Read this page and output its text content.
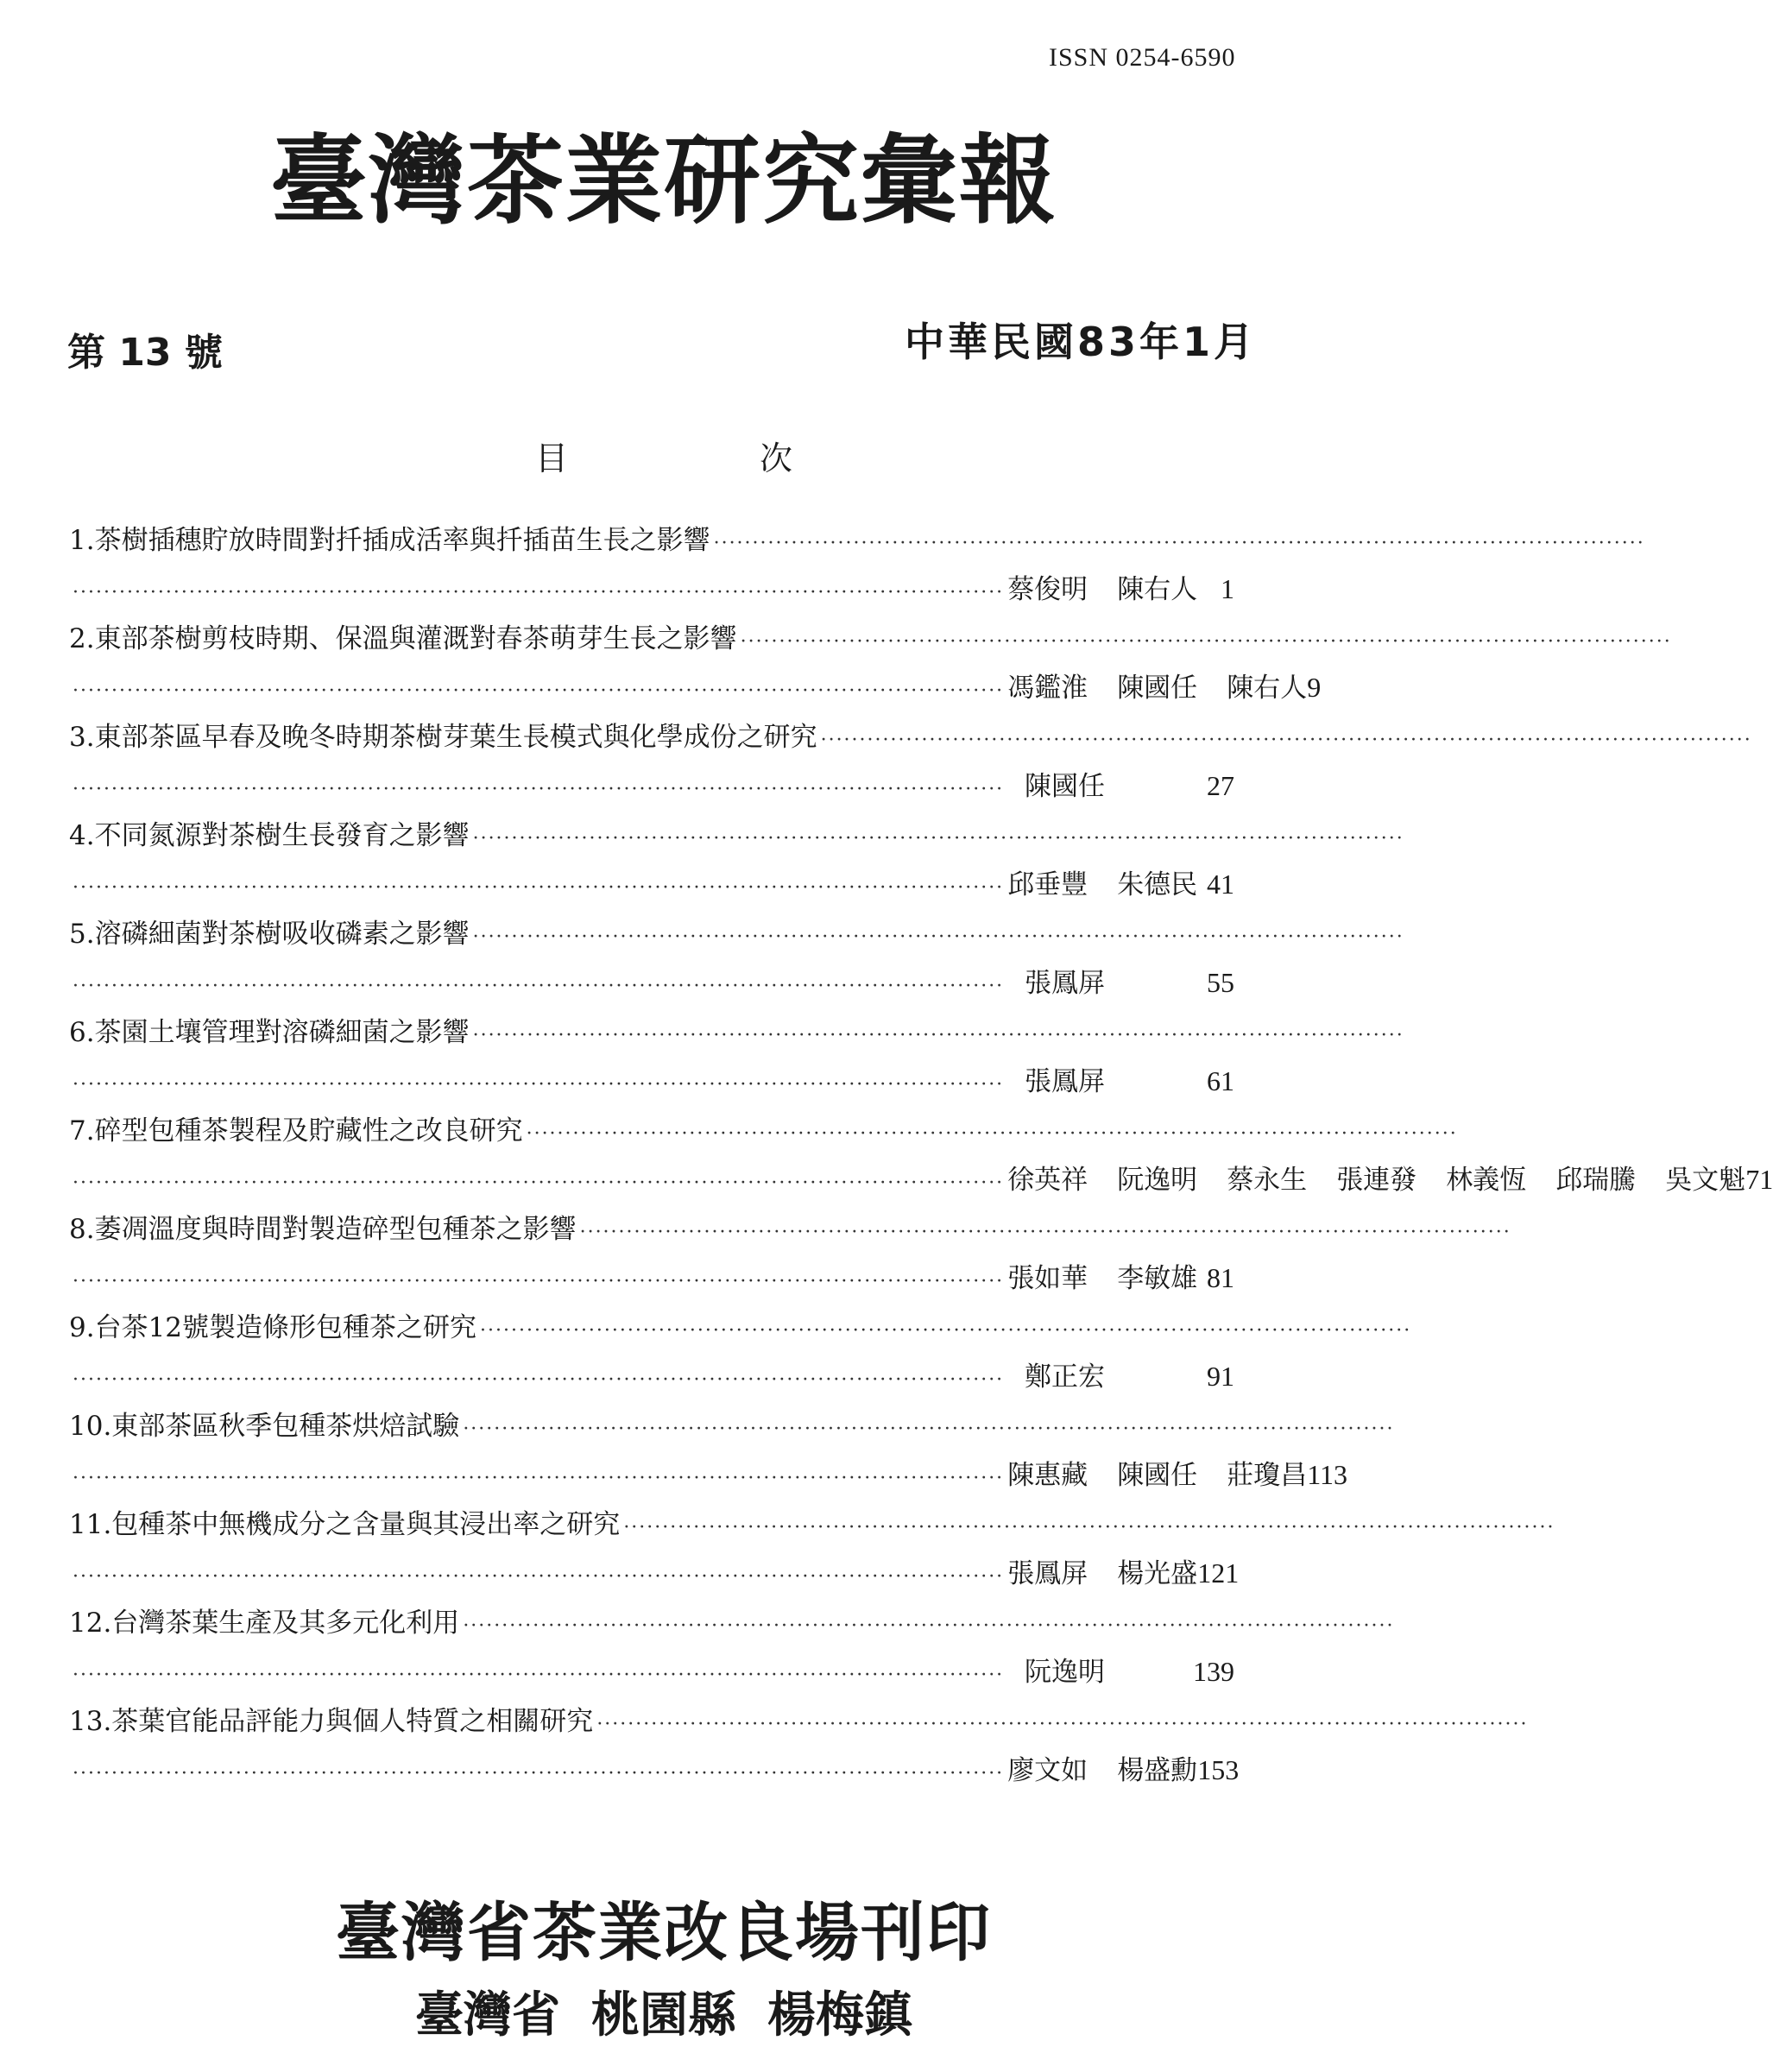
ISSN 0254-6590
臺灣茶業研究彙報
第 13 號	中華民國83年1月
目	次
1.茶樹插穗貯放時間對扦插成活率與扦插苗生長之影響 ························································································································
························································································································ 蔡俊明 陳右人 1
2.東部茶樹剪枝時期、保溫與灌溉對春茶萌芽生長之影響 ························································································································
························································································································ 馮鑑淮 陳國任 陳右人 9
3.東部茶區早春及晚冬時期茶樹芽葉生長模式與化學成份之研究 ························································································································
························································································································ 陳國任	27
4.不同氮源對茶樹生長發育之影響 ························································································································
························································································································ 邱垂豐 朱德民 41
5.溶磷細菌對茶樹吸收磷素之影響 ························································································································
························································································································ 張鳳屏	55
6.茶園土壤管理對溶磷細菌之影響 ························································································································
························································································································ 張鳳屏	61
7.碎型包種茶製程及貯藏性之改良研究 ························································································································
························································································································ 徐英祥 阮逸明 蔡永生 張連發 林義恆 邱瑞騰 吳文魁 71
8.萎凋溫度與時間對製造碎型包種茶之影響 ························································································································
························································································································ 張如華 李敏雄 81
9.台茶12號製造條形包種茶之研究 ························································································································
························································································································ 鄭正宏	91
10.東部茶區秋季包種茶烘焙試驗 ························································································································
························································································································ 陳惠藏 陳國任 莊瓊昌 113
11.包種茶中無機成分之含量與其浸出率之研究 ························································································································
························································································································ 張鳳屏 楊光盛 121
12.台灣茶葉生產及其多元化利用 ························································································································
························································································································ 阮逸明	139
13.茶葉官能品評能力與個人特質之相關研究 ························································································································
························································································································ 廖文如 楊盛勳 153
臺灣省茶業改良場刊印
臺灣省 桃園縣 楊梅鎮
